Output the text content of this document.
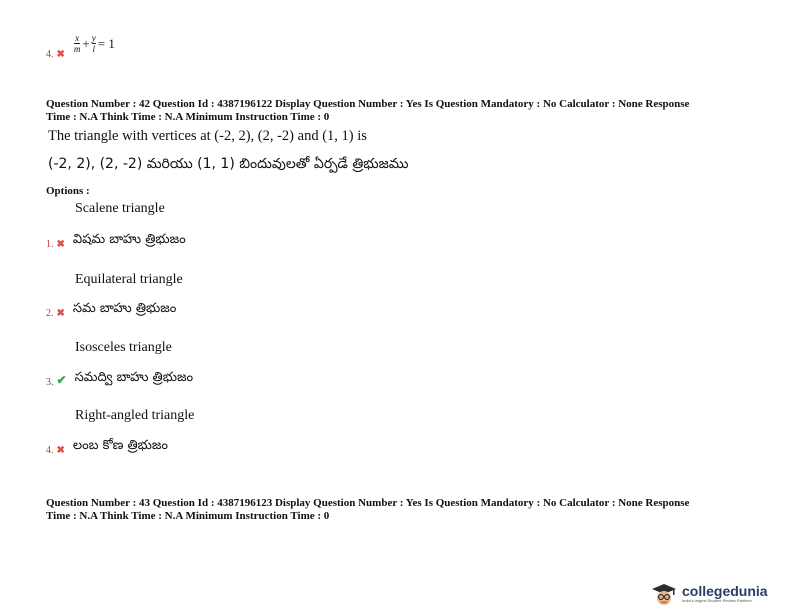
4. ✖
$\frac{x}{m} + \frac{y}{l} = 1$
Question Number : 42 Question Id : 4387196122 Display Question Number : Yes Is Question Mandatory : No Calculator : None Response
Time : N.A Think Time : N.A Minimum Instruction Time : 0
The triangle with vertices at (-2, 2), (2, -2) and (1, 1) is
(-2, 2), (2, -2) మరియు (1, 1) బిందువులతో ఏర్పడే త్రిభుజము
Options :
Scalene triangle
1. ✖ విషమ బాహు త్రిభుజం
Equilateral triangle
2. ✖ సమ బాహు త్రిభుజం
Isosceles triangle
3. ✔ సమద్వి బాహు త్రిభుజం
Right-angled triangle
4. ✖ లంబ కోణ త్రిభుజం
Question Number : 43 Question Id : 4387196123 Display Question Number : Yes Is Question Mandatory : No Calculator : None Response
Time : N.A Think Time : N.A Minimum Instruction Time : 0
collegedunia
India's largest Student Review Platform
